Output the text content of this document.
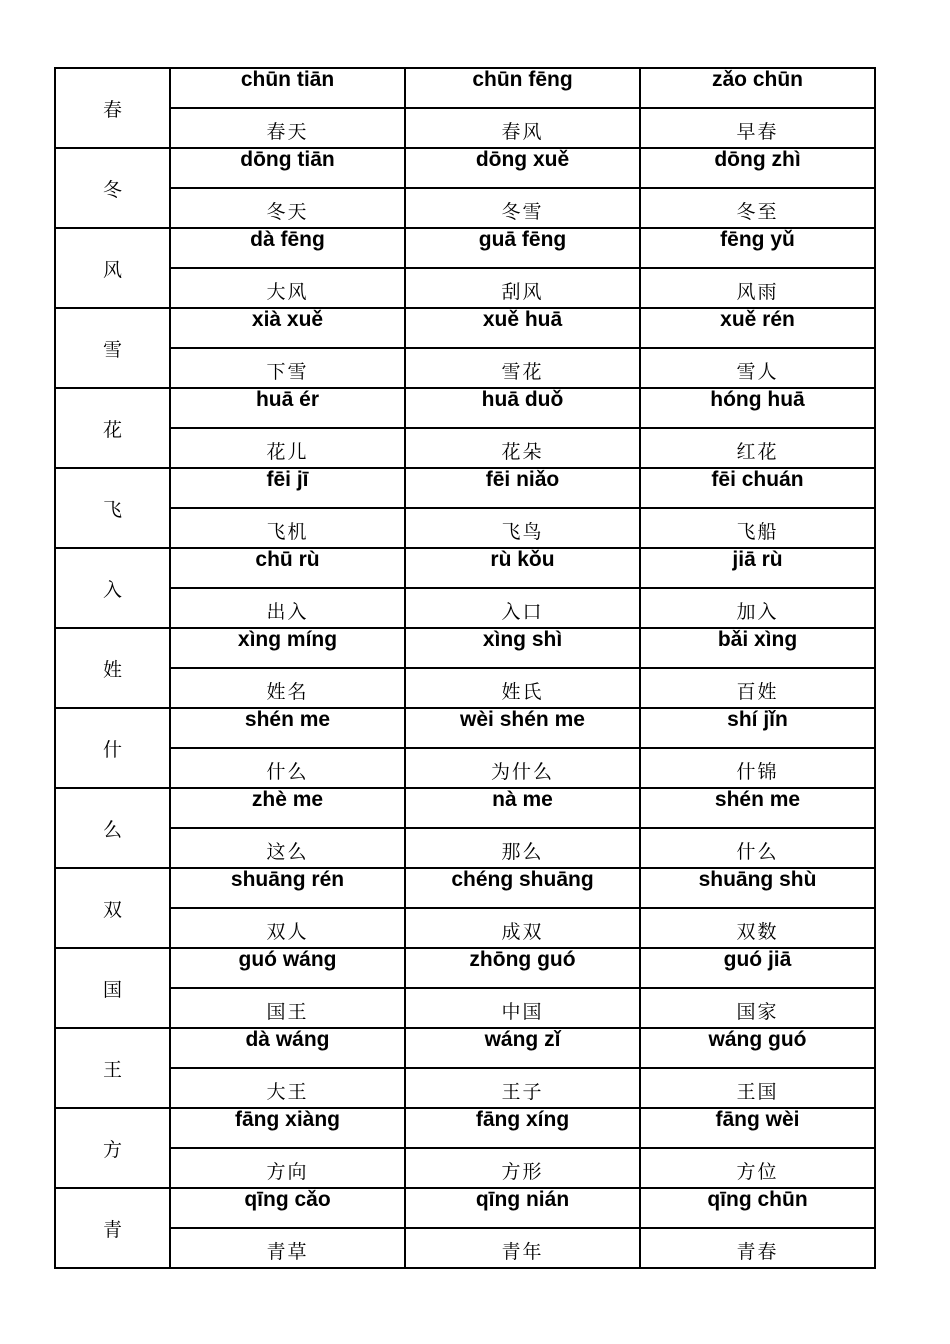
春	chūn tiān	chūn fēng	zǎo chūn
	春天	春风	早春
冬	dōng tiān	dōng xuě	dōng zhì
	冬天	冬雪	冬至
风	dà fēng	guā fēng	fēng yǔ
	大风	刮风	风雨
雪	xià xuě	xuě huā	xuě rén
	下雪	雪花	雪人
花	huā ér	huā duǒ	hóng huā
	花儿	花朵	红花
飞	fēi jī	fēi niǎo	fēi chuán
	飞机	飞鸟	飞船
入	chū rù	rù kǒu	jiā rù
	出入	入口	加入
姓	xìng míng	xìng shì	bǎi xìng
	姓名	姓氏	百姓
什	shén me	wèi shén me	shí jǐn
	什么	为什么	什锦
么	zhè me	nà me	shén me
	这么	那么	什么
双	shuāng rén	chéng shuāng	shuāng shù
	双人	成双	双数
国	guó wáng	zhōng guó	guó jiā
	国王	中国	国家
王	dà wáng	wáng zǐ	wáng guó
	大王	王子	王国
方	fāng xiàng	fāng xíng	fāng wèi
	方向	方形	方位
青	qīng cǎo	qīng nián	qīng chūn
	青草	青年	青春
